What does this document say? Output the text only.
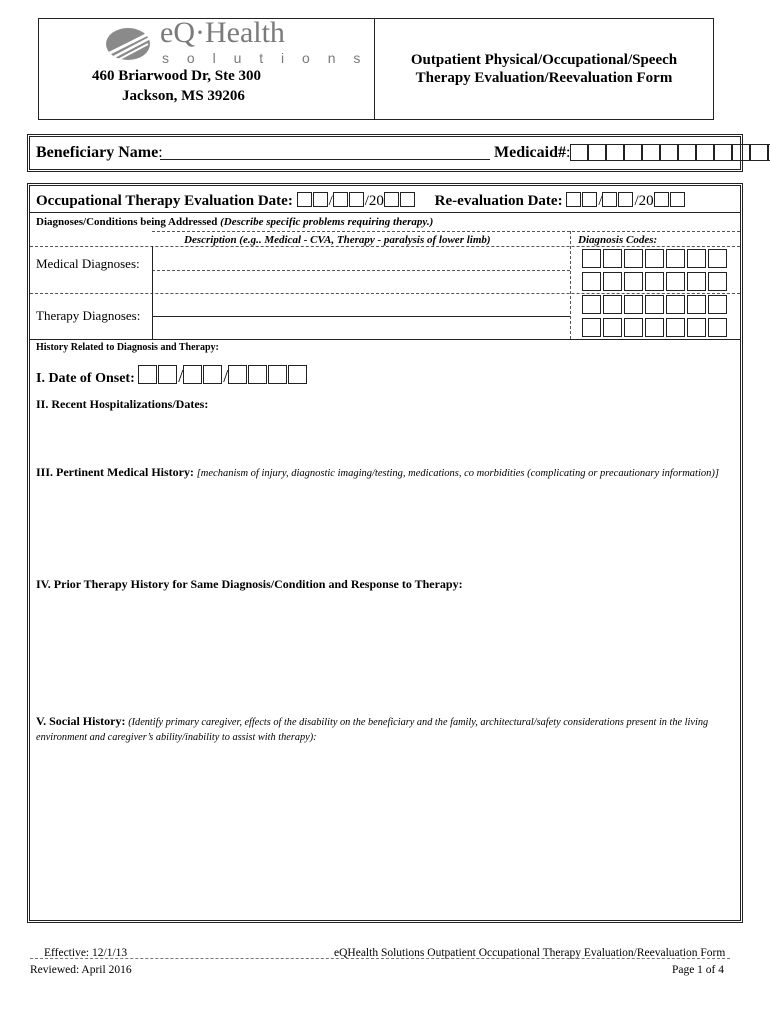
eQ·Health
s o l u t i o n s
460 Briarwood Dr, Ste 300
Jackson, MS 39206
Outpatient Physical/Occupational/Speech
Therapy Evaluation/Reevaluation Form
Beneficiary Name:	Medicaid#:
Occupational Therapy Evaluation Date: / /20	Re-evaluation Date: / /20
Diagnoses/Conditions being Addressed (Describe specific problems requiring therapy.)
Description (e.g.. Medical - CVA, Therapy - paralysis of lower limb)	Diagnosis Codes:
Medical Diagnoses:
Therapy Diagnoses:
History Related to Diagnosis and Therapy:
I. Date of Onset: / /
II. Recent Hospitalizations/Dates:
III. Pertinent Medical History: [mechanism of injury, diagnostic imaging/testing, medications, co morbidities (complicating or precautionary information)]
IV. Prior Therapy History for Same Diagnosis/Condition and Response to Therapy:
V. Social History: (Identify primary caregiver, effects of the disability on the beneficiary and the family, architectural/safety considerations present in the living environment and caregiver’s ability/inability to assist with therapy):
Effective: 12/1/13
Reviewed: April 2016
eQHealth Solutions Outpatient Occupational Therapy Evaluation/Reevaluation Form
Page 1 of 4
